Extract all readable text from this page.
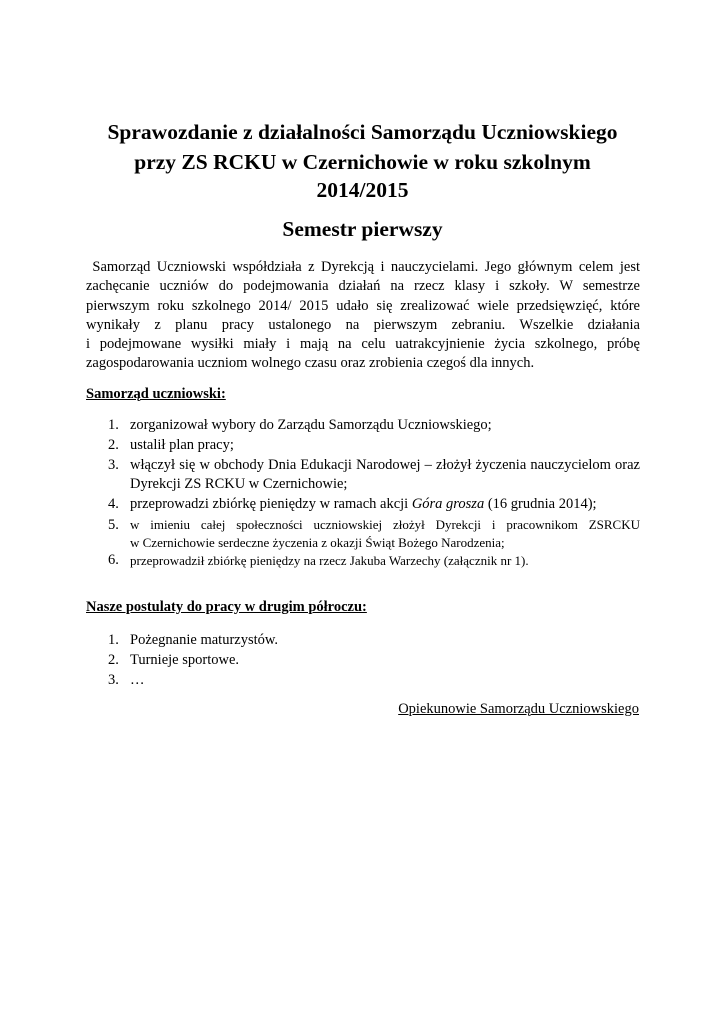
Sprawozdanie z działalności Samorządu Uczniowskiego
przy ZS RCKU w Czernichowie w roku szkolnym
2014/2015
Semestr pierwszy
Samorząd Uczniowski współdziała z Dyrekcją i nauczycielami. Jego głównym celem jest
zachęcanie uczniów do podejmowania działań na rzecz klasy i szkoły. W semestrze
pierwszym roku szkolnego 2014/ 2015 udało się zrealizować wiele przedsięwzięć, które
wynikały z planu pracy ustalonego na pierwszym zebraniu. Wszelkie działania
i podejmowane wysiłki miały i mają na celu uatrakcyjnienie życia szkolnego, próbę
zagospodarowania uczniom wolnego czasu oraz zrobienia czegoś dla innych.
Samorząd uczniowski:
1. zorganizował wybory do Zarządu Samorządu Uczniowskiego;
2. ustalił plan pracy;
3. włączył się w obchody Dnia Edukacji Narodowej – złożył życzenia nauczycielom oraz
Dyrekcji ZS RCKU w Czernichowie;
4. przeprowadzi zbiórkę pieniędzy w ramach akcji Góra grosza (16 grudnia 2014);
5. w imieniu całej społeczności uczniowskiej złożył Dyrekcji i pracownikom ZSRCKU
w Czernichowie serdeczne życzenia z okazji Świąt Bożego Narodzenia;
6. przeprowadził zbiórkę pieniędzy na rzecz Jakuba Warzechy (załącznik nr 1).
Nasze postulaty do pracy w drugim półroczu:
1. Pożegnanie maturzystów.
2. Turnieje sportowe.
3. …
Opiekunowie Samorządu Uczniowskiego
